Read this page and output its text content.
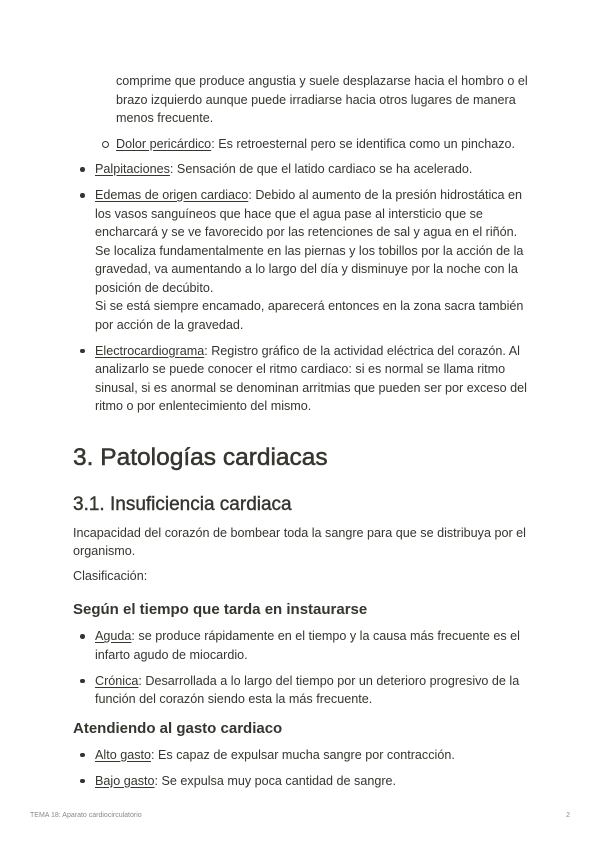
comprime que produce angustia y suele desplazarse hacia el hombro o el brazo izquierdo aunque puede irradiarse hacia otros lugares de manera menos frecuente.
Dolor pericárdico: Es retroesternal pero se identifica como un pinchazo.
Palpitaciones: Sensación de que el latido cardiaco se ha acelerado.
Edemas de origen cardiaco: Debido al aumento de la presión hidrostática en los vasos sanguíneos que hace que el agua pase al intersticio que se encharcará y se ve favorecido por las retenciones de sal y agua en el riñón. Se localiza fundamentalmente en las piernas y los tobillos por la acción de la gravedad, va aumentando a lo largo del día y disminuye por la noche con la posición de decúbito.
Si se está siempre encamado, aparecerá entonces en la zona sacra también por acción de la gravedad.
Electrocardiograma: Registro gráfico de la actividad eléctrica del corazón. Al analizarlo se puede conocer el ritmo cardiaco: si es normal se llama ritmo sinusal, si es anormal se denominan arritmias que pueden ser por exceso del ritmo o por enlentecimiento del mismo.
3. Patologías cardiacas
3.1. Insuficiencia cardiaca

Incapacidad del corazón de bombear toda la sangre para que se distribuya por el organismo.

Clasificación:

Según el tiempo que tarda en instaurarse
Aguda: se produce rápidamente en el tiempo y la causa más frecuente es el infarto agudo de miocardio.
Crónica: Desarrollada a lo largo del tiempo por un deterioro progresivo de la función del corazón siendo esta la más frecuente.
Atendiendo al gasto cardiaco
Alto gasto: Es capaz de expulsar mucha sangre por contracción.
Bajo gasto: Se expulsa muy poca cantidad de sangre.
TEMA 18: Aparato cardiocirculatorio	2
